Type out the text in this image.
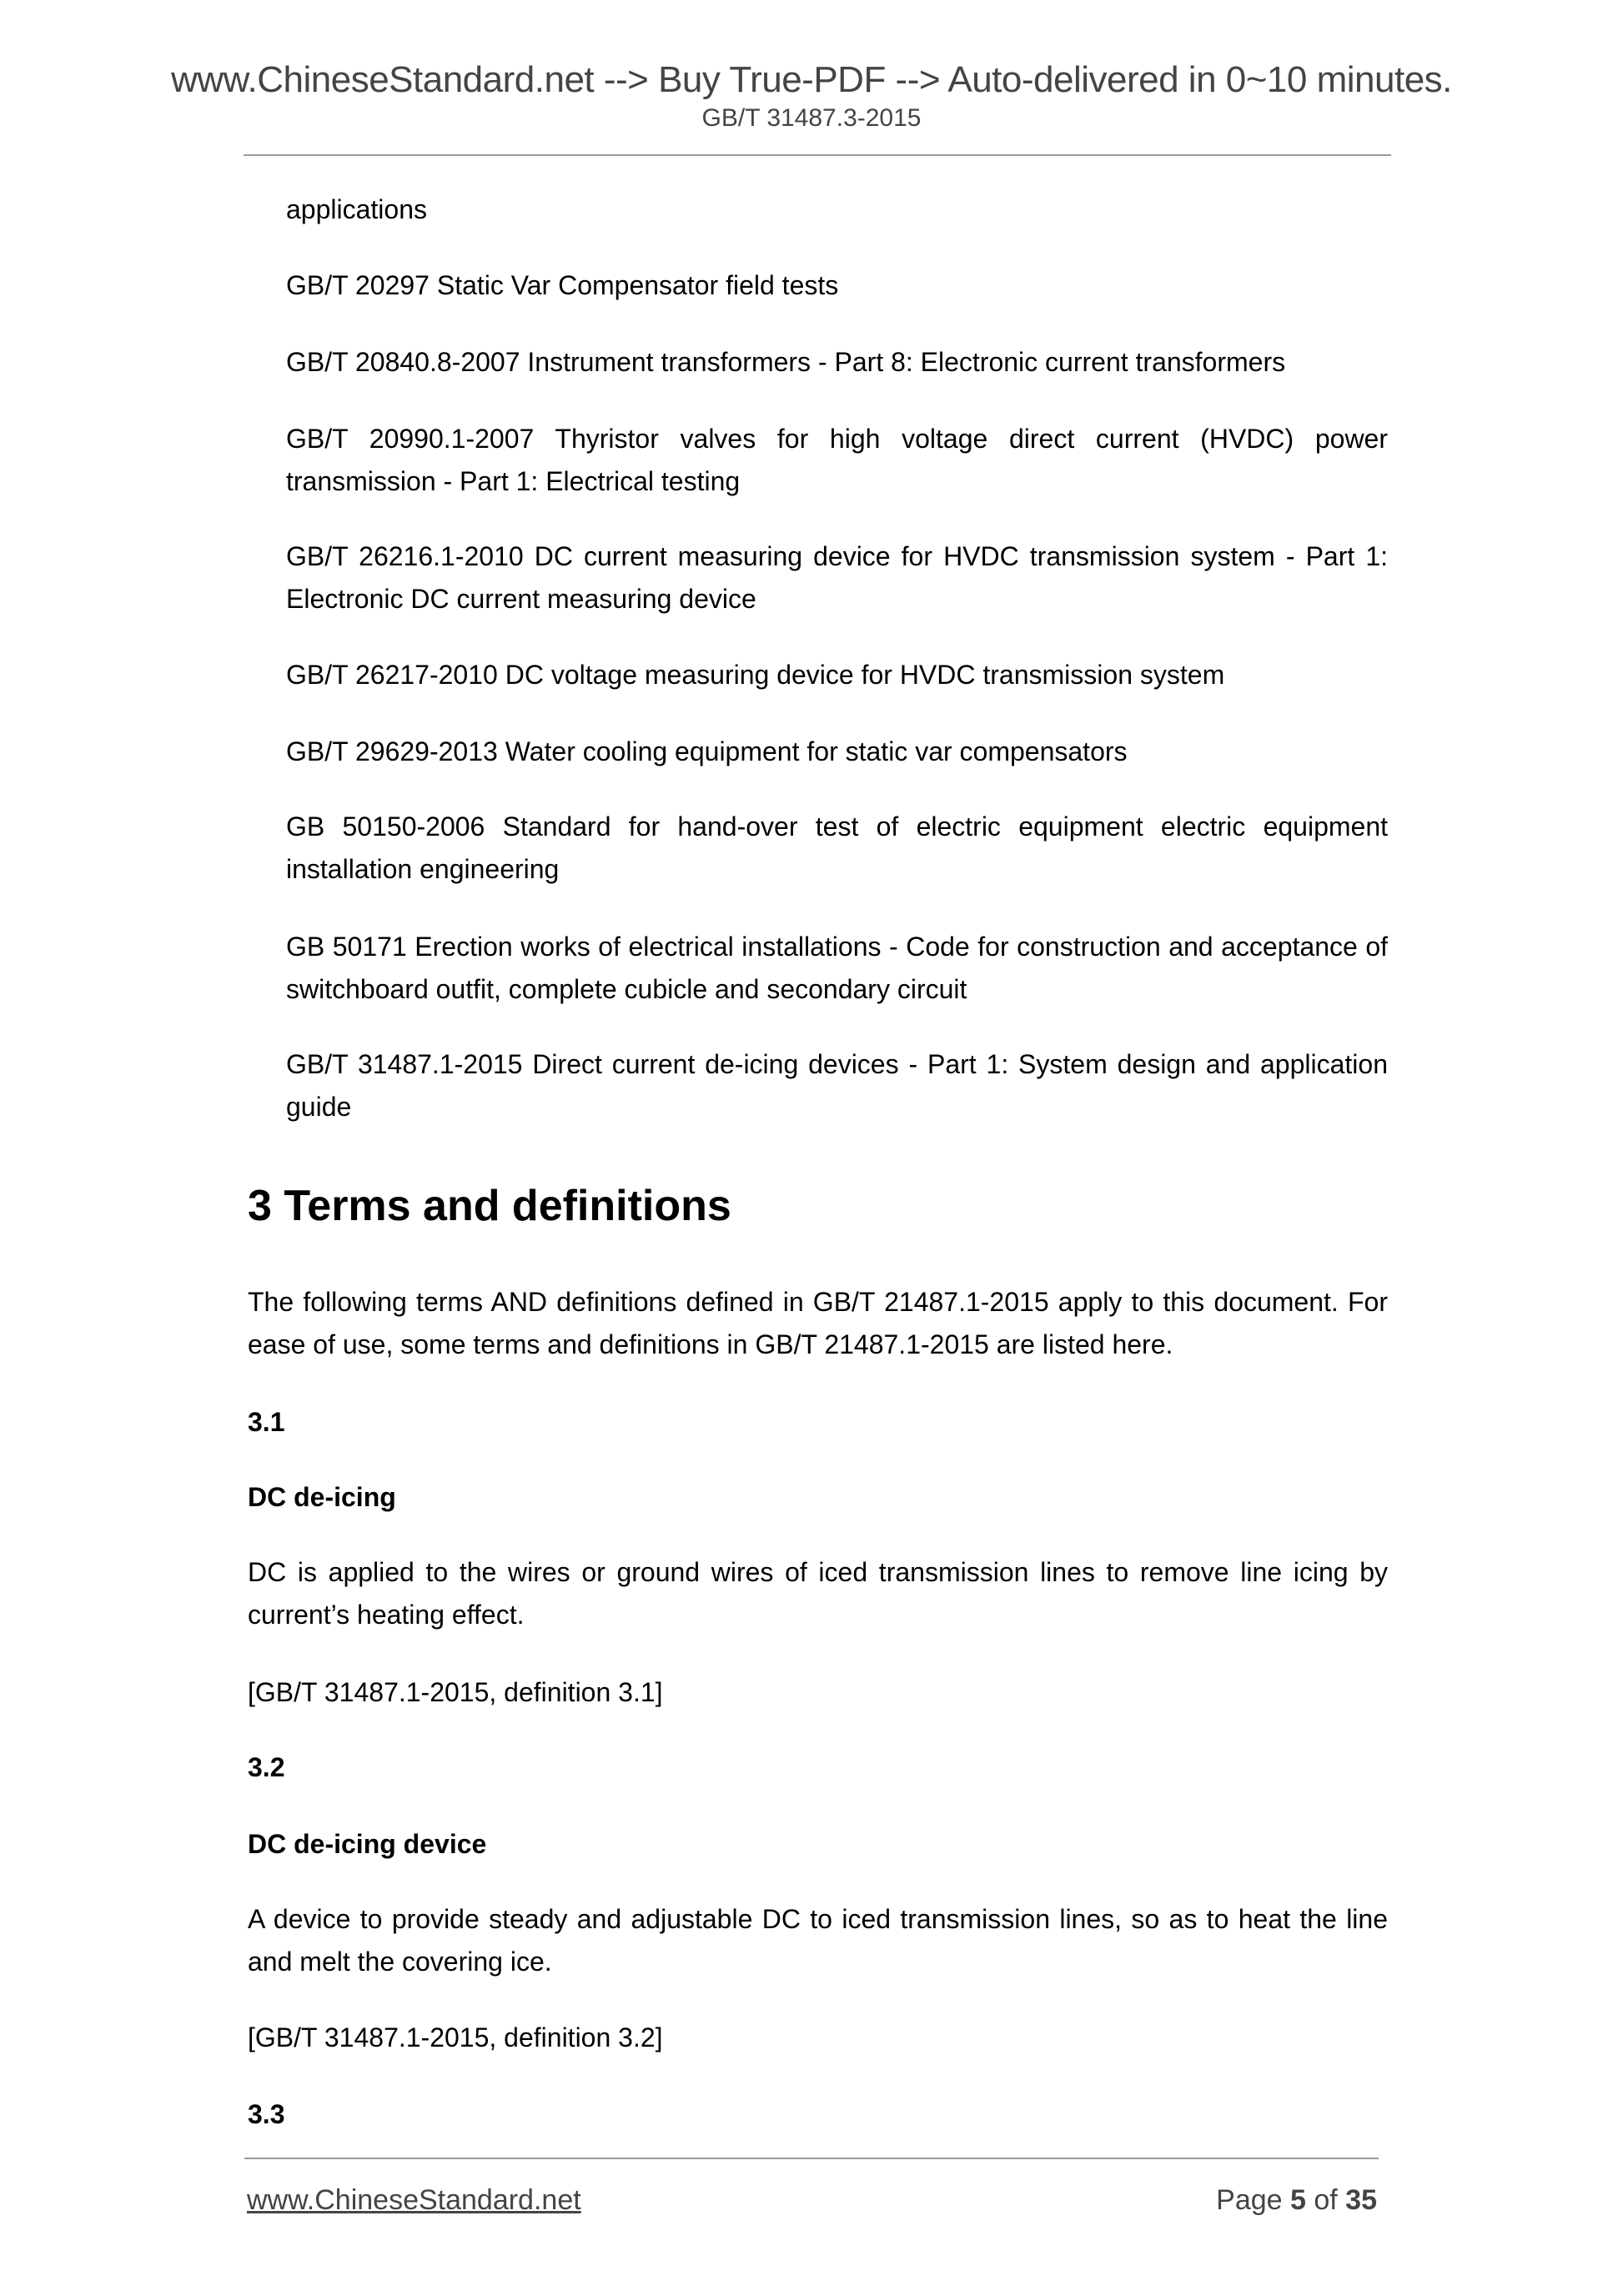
www.ChineseStandard.net --> Buy True-PDF --> Auto-delivered in 0~10 minutes.
GB/T 31487.3-2015
applications
GB/T 20297 Static Var Compensator field tests
GB/T 20840.8-2007 Instrument transformers - Part 8: Electronic current transformers
GB/T 20990.1-2007 Thyristor valves for high voltage direct current (HVDC) power transmission - Part 1: Electrical testing
GB/T 26216.1-2010 DC current measuring device for HVDC transmission system - Part 1: Electronic DC current measuring device
GB/T 26217-2010 DC voltage measuring device for HVDC transmission system
GB/T 29629-2013 Water cooling equipment for static var compensators
GB 50150-2006 Standard for hand-over test of electric equipment electric equipment installation engineering
GB 50171 Erection works of electrical installations - Code for construction and acceptance of switchboard outfit, complete cubicle and secondary circuit
GB/T 31487.1-2015 Direct current de-icing devices - Part 1: System design and application guide
3 Terms and definitions
The following terms AND definitions defined in GB/T 21487.1-2015 apply to this document. For ease of use, some terms and definitions in GB/T 21487.1-2015 are listed here.
3.1
DC de-icing
DC is applied to the wires or ground wires of iced transmission lines to remove line icing by current’s heating effect.
[GB/T 31487.1-2015, definition 3.1]
3.2
DC de-icing device
A device to provide steady and adjustable DC to iced transmission lines, so as to heat the line and melt the covering ice.
[GB/T 31487.1-2015, definition 3.2]
3.3
www.ChineseStandard.net	Page 5 of 35
